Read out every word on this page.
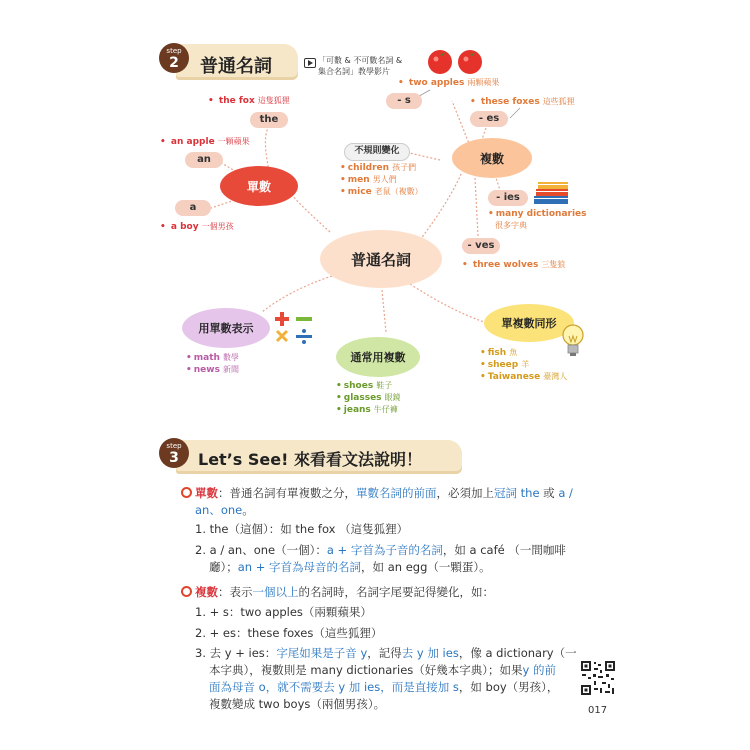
step
2	普通名詞	「可數 & 不可數名詞 &
集合名詞」教學影片
普通名詞
單數
the
• the fox 這隻狐狸
an
• an apple 一顆蘋果
a
• a boy 一個男孩
複數
- s
• two apples 兩顆蘋果
- es
• these foxes 這些狐狸
不規則變化
• children 孩子們
• men 男人們
• mice 老鼠（複數）
- ies
• many dictionaries
很多字典
- ves
• three wolves 三隻狼
用單數表示
• math 數學
• news 新聞
通常用複數
• shoes 鞋子
• glasses 眼鏡
• jeans 牛仔褲
單複數同形
• fish 魚
• sheep 羊
• Taiwanese 臺灣人
step
3	Let’s See! 來看看文法說明！
單數：普通名詞有單複數之分，單數名詞的前面，必須加上冠詞 the 或 a /
an、one。
1. the（這個）：如 the fox （這隻狐狸）
2. a / an、one（一個）：a + 字首為子音的名詞，如 a café （一間咖啡
廳）；an + 字首為母音的名詞，如 an egg（一顆蛋）。
複數：表示一個以上的名詞時，名詞字尾要記得變化，如：
1. + s：two apples（兩顆蘋果）
2. + es：these foxes（這些狐狸）
3. 去 y + ies：字尾如果是子音 y，記得去 y 加 ies，像 a dictionary（一
本字典），複數則是 many dictionaries（好幾本字典）；如果y 的前
面為母音 o，就不需要去 y 加 ies，而是直接加 s，如 boy（男孩），
複數變成 two boys（兩個男孩）。	017
